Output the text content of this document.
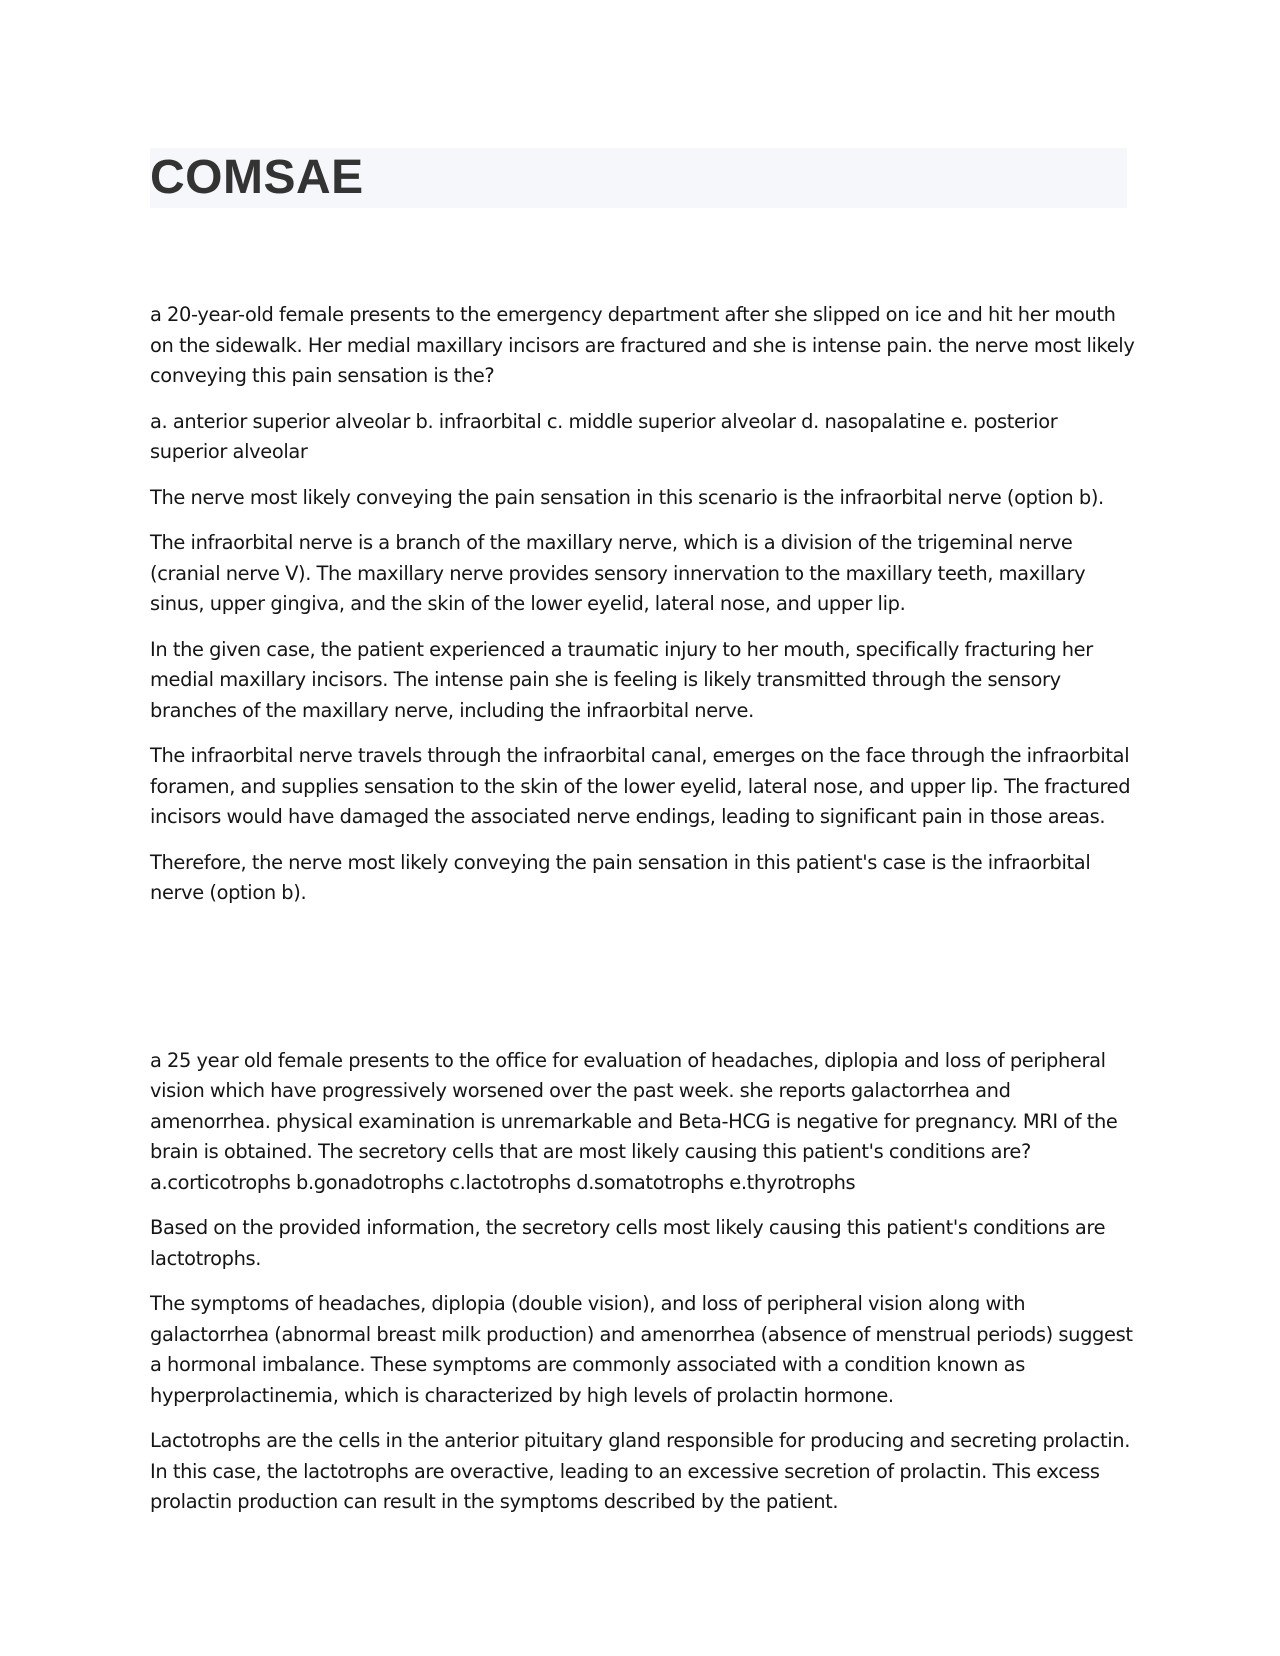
COMSAE

a 20-year-old female presents to the emergency department after she slipped on ice and hit her mouth on the sidewalk. Her medial maxillary incisors are fractured and she is intense pain. the nerve most likely conveying this pain sensation is the?

a. anterior superior alveolar b. infraorbital c. middle superior alveolar d. nasopalatine e. posterior superior alveolar

The nerve most likely conveying the pain sensation in this scenario is the infraorbital nerve (option b).

The infraorbital nerve is a branch of the maxillary nerve, which is a division of the trigeminal nerve (cranial nerve V). The maxillary nerve provides sensory innervation to the maxillary teeth, maxillary sinus, upper gingiva, and the skin of the lower eyelid, lateral nose, and upper lip.

In the given case, the patient experienced a traumatic injury to her mouth, specifically fracturing her medial maxillary incisors. The intense pain she is feeling is likely transmitted through the sensory branches of the maxillary nerve, including the infraorbital nerve.

The infraorbital nerve travels through the infraorbital canal, emerges on the face through the infraorbital foramen, and supplies sensation to the skin of the lower eyelid, lateral nose, and upper lip. The fractured incisors would have damaged the associated nerve endings, leading to significant pain in those areas.

Therefore, the nerve most likely conveying the pain sensation in this patient's case is the infraorbital nerve (option b).

a 25 year old female presents to the office for evaluation of headaches, diplopia and loss of peripheral vision which have progressively worsened over the past week. she reports galactorrhea and amenorrhea. physical examination is unremarkable and Beta-HCG is negative for pregnancy. MRI of the brain is obtained. The secretory cells that are most likely causing this patient's conditions are? a.corticotrophs b.gonadotrophs c.lactotrophs d.somatotrophs e.thyrotrophs

Based on the provided information, the secretory cells most likely causing this patient's conditions are lactotrophs.

The symptoms of headaches, diplopia (double vision), and loss of peripheral vision along with galactorrhea (abnormal breast milk production) and amenorrhea (absence of menstrual periods) suggest a hormonal imbalance. These symptoms are commonly associated with a condition known as hyperprolactinemia, which is characterized by high levels of prolactin hormone.

Lactotrophs are the cells in the anterior pituitary gland responsible for producing and secreting prolactin. In this case, the lactotrophs are overactive, leading to an excessive secretion of prolactin. This excess prolactin production can result in the symptoms described by the patient.
